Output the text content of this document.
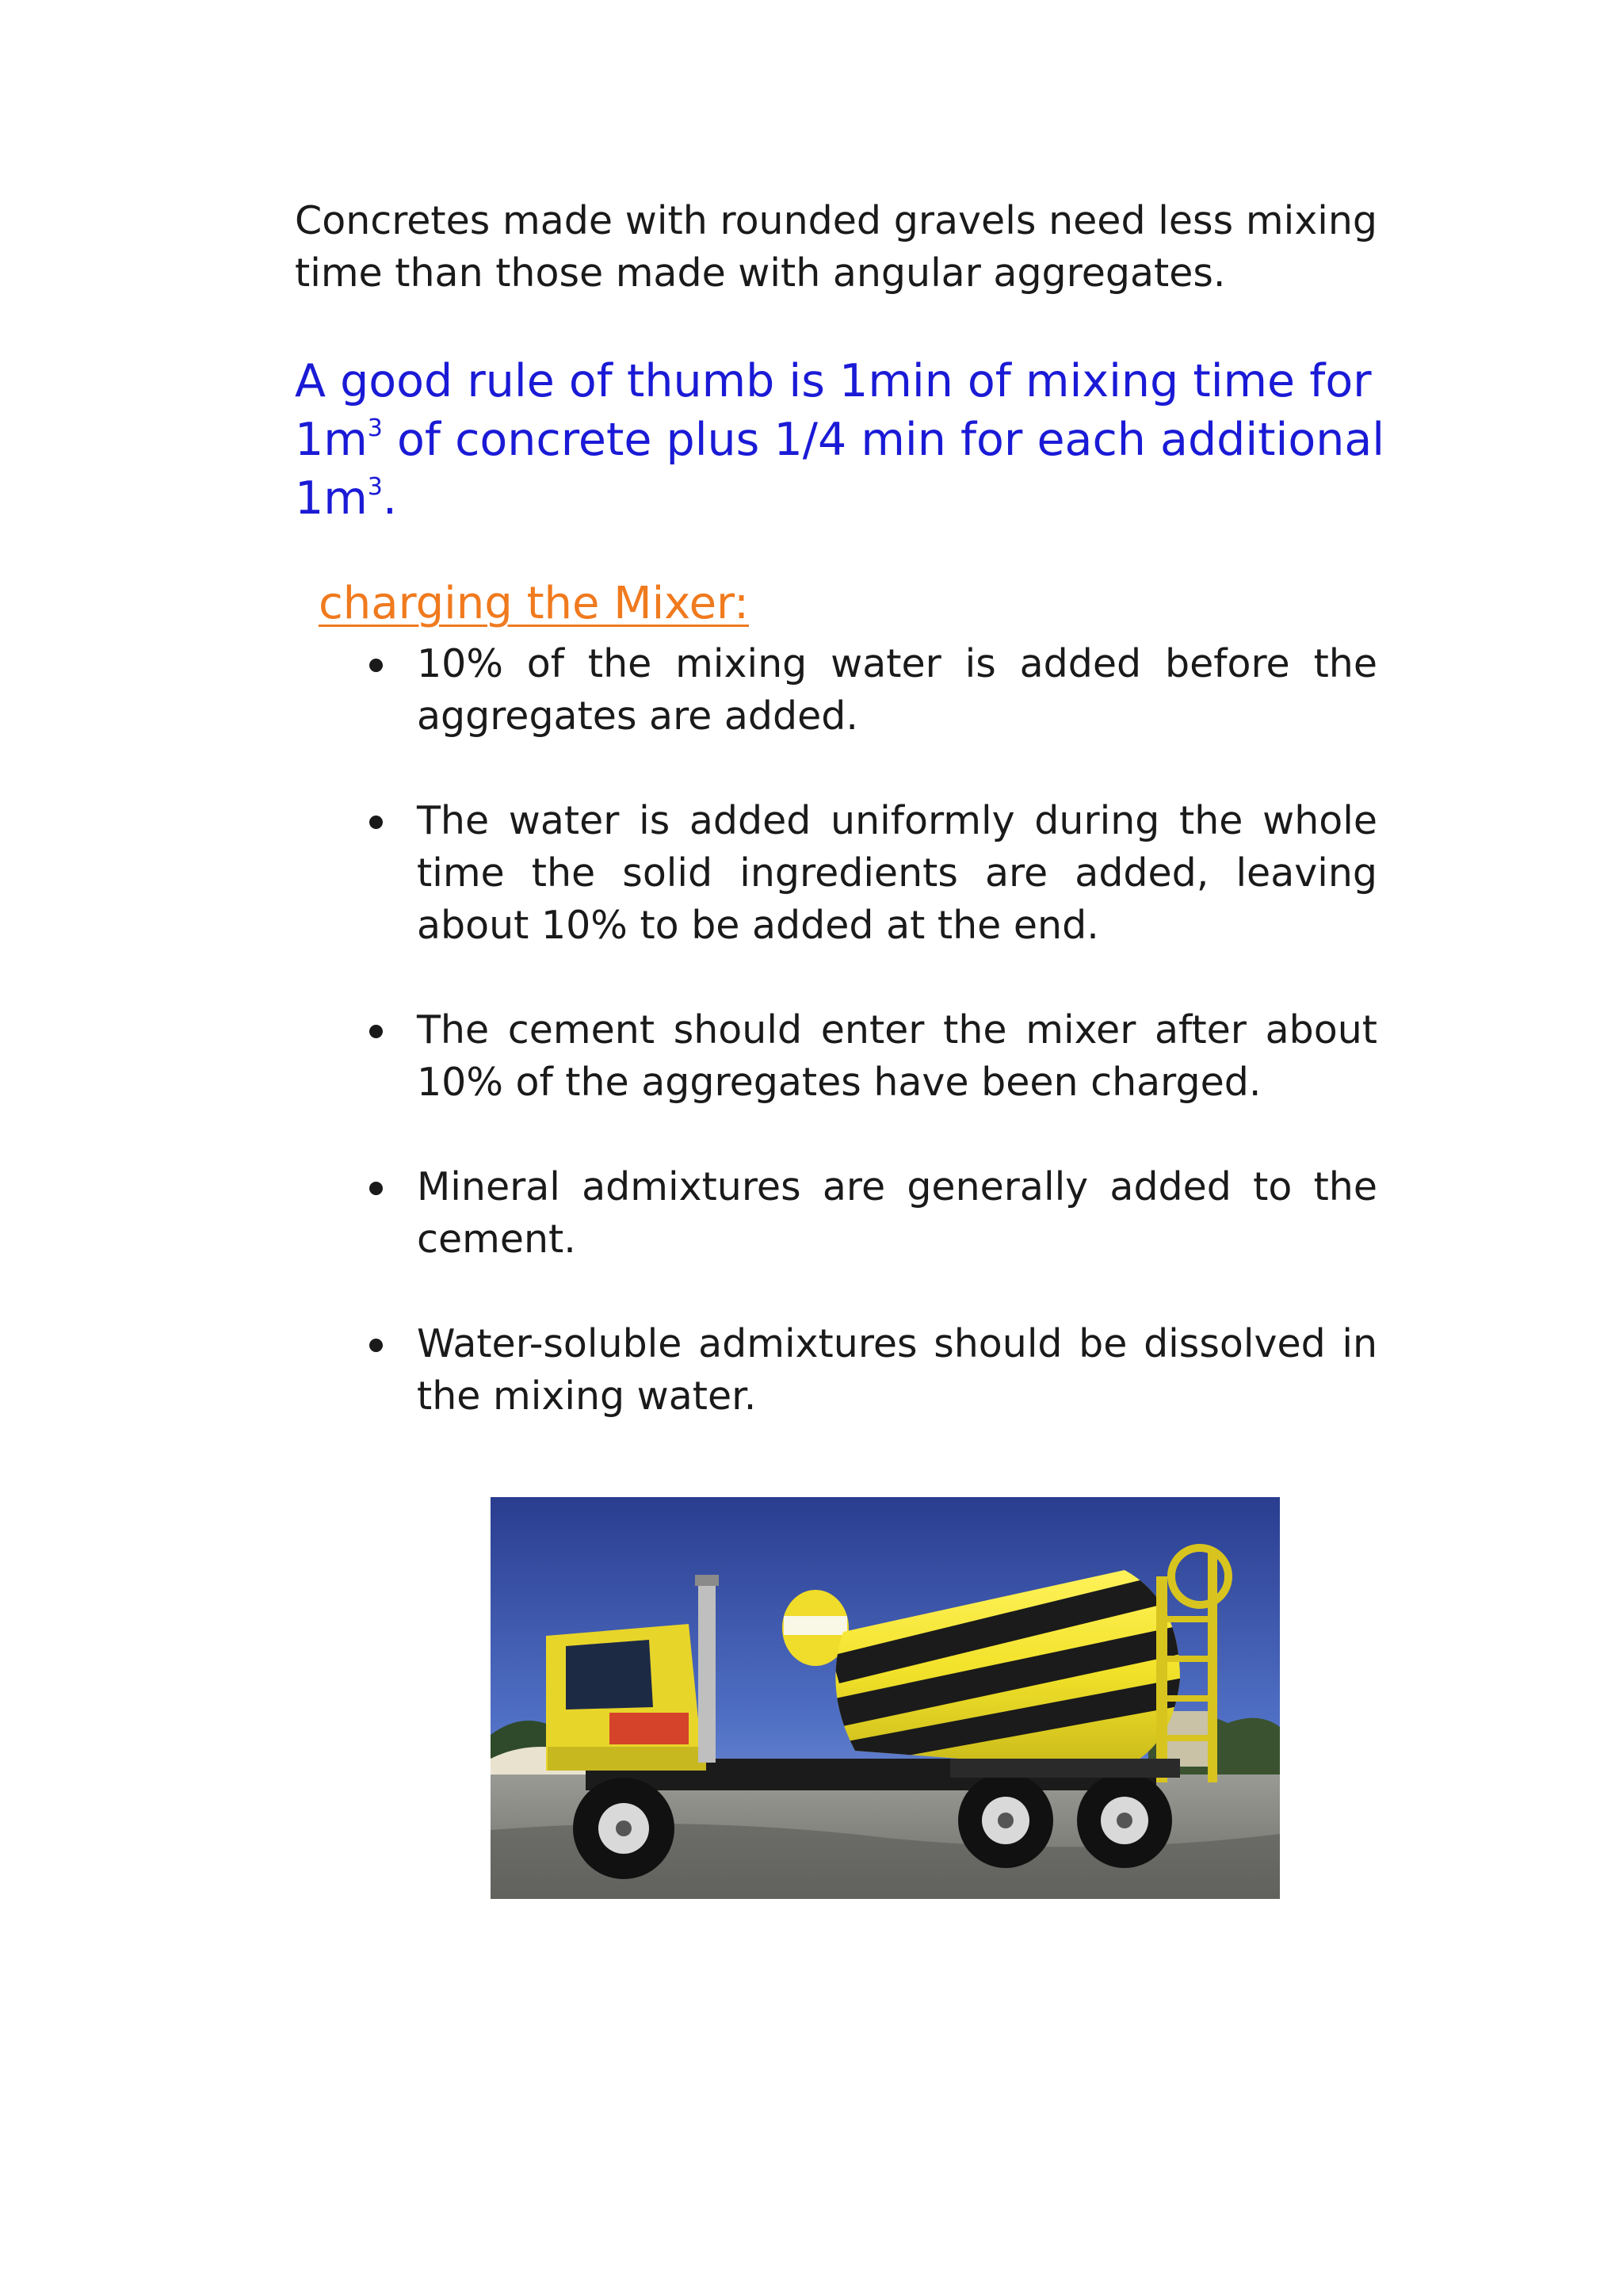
Concretes made with rounded gravels need less mixing
time than those made with angular aggregates.

A good rule of thumb is 1min of mixing time for
$1m^3$ of concrete plus 1/4 min for each additional
$1m^3$.

charging the Mixer:
10% of the mixing water is added before the
aggregates are added.
The water is added uniformly during the whole
time the solid ingredients are added, leaving
about 10% to be added at the end.
The cement should enter the mixer after about
10% of the aggregates have been charged.
Mineral admixtures are generally added to the
cement.
Water-soluble admixtures should be dissolved in
the mixing water.
